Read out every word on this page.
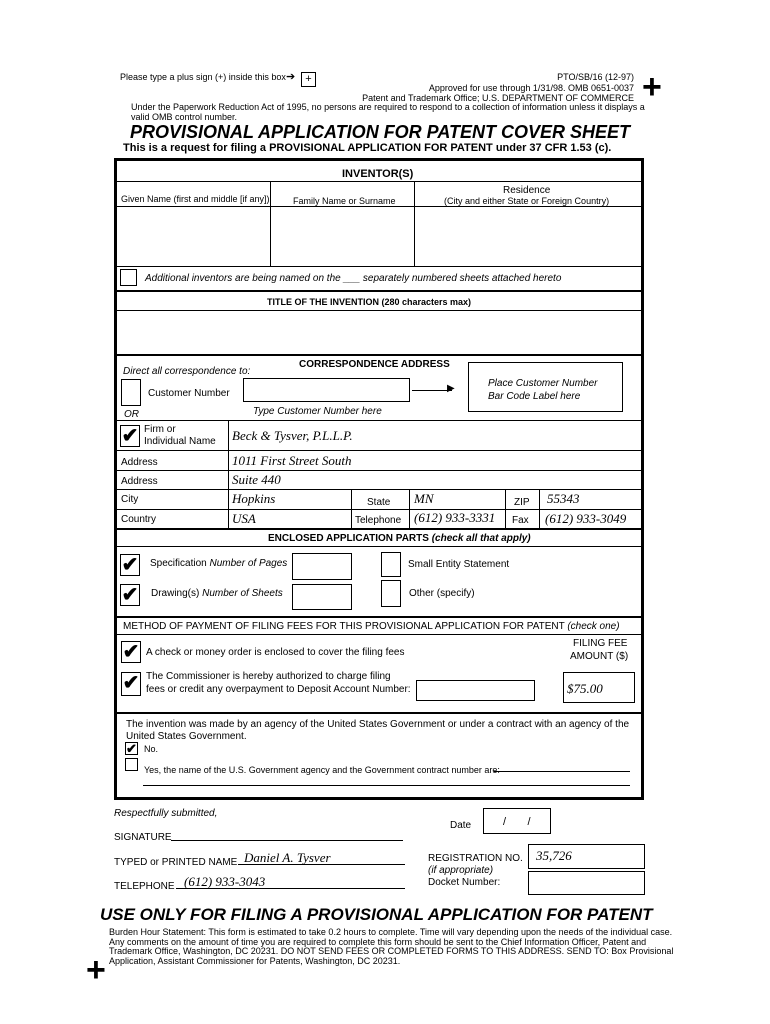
Please type a plus sign (+) inside this box ➔ +	PTO/SB/16 (12-97)
Approved for use through 1/31/98. OMB 0651-0037
Patent and Trademark Office; U.S. DEPARTMENT OF COMMERCE
Under the Paperwork Reduction Act of 1995, no persons are required to respond to a collection of information unless it displays a
valid OMB control number.
+
PROVISIONAL APPLICATION FOR PATENT COVER SHEET
This is a request for filing a PROVISIONAL APPLICATION FOR PATENT under 37 CFR 1.53 (c).
INVENTOR(S)
Residence
Given Name (first and middle [if any])	Family Name or Surname	(City and either State or Foreign Country)
Additional inventors are being named on the ___ separately numbered sheets attached hereto
TITLE OF THE INVENTION (280 characters max)
CORRESPONDENCE ADDRESS
Direct all correspondence to:
Place Customer Number
Bar Code Label here
Customer Number	▶
OR	Type Customer Number here
✔ Firm or
Individual Name Beck & Tysver, P.L.L.P.
Address	1011 First Street South
Address	Suite 440
City	Hopkins	State MN	ZIP 55343
Country	USA	Telephone (612) 933-3331 Fax (612) 933-3049
ENCLOSED APPLICATION PARTS (check all that apply)
✔ Specification Number of Pages	Small Entity Statement
✔ Drawing(s) Number of Sheets	Other (specify)
METHOD OF PAYMENT OF FILING FEES FOR THIS PROVISIONAL APPLICATION FOR PATENT (check one)
FILING FEE
AMOUNT ($)
✔ A check or money order is enclosed to cover the filing fees
✔ The Commissioner is hereby authorized to charge filing
fees or credit any overpayment to Deposit Account Number:	$75.00
The invention was made by an agency of the United States Government or under a contract with an agency of the
United States Government.
✔ No.
Yes, the name of the U.S. Government agency and the Government contract number are:
Respectfully submitted,
Date	/       /
SIGNATURE
TYPED or PRINTED NAME Daniel A. Tysver	REGISTRATION NO.
(if appropriate)
35,726
Docket Number:
TELEPHONE (612) 933-3043
USE ONLY FOR FILING A PROVISIONAL APPLICATION FOR PATENT
Burden Hour Statement: This form is estimated to take 0.2 hours to complete. Time will vary depending upon the needs of the individual case.
Any comments on the amount of time you are required to complete this form should be sent to the Chief Information Officer, Patent and
Trademark Office, Washington, DC 20231. DO NOT SEND FEES OR COMPLETED FORMS TO THIS ADDRESS. SEND TO: Box Provisional
Application, Assistant Commissioner for Patents, Washington, DC 20231.
+
